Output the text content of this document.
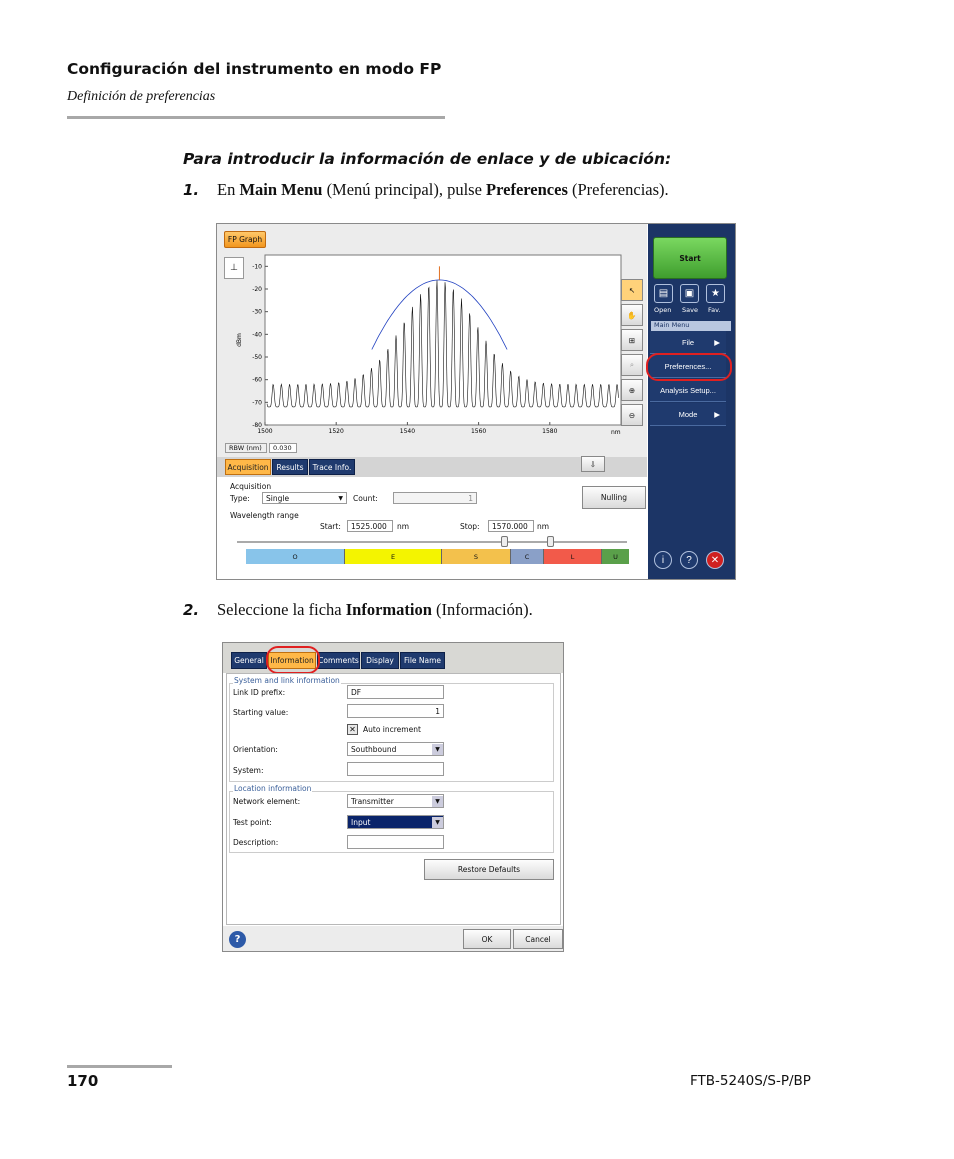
Configuración del instrumento en modo FP
Definición de preferencias
Para introducir la información de enlace y de ubicación:
1. En Main Menu (Menú principal), pulse Preferences (Preferencias).
FP Graph
⊥	-10
-20
-30
-40
-50
-60
-70
-80
1500	1520	1540	1560	1580	nm
dBm
RBW (nm)	0.030
↖
✋
⊞
⌕
⊕
⊖
Acquisition	Results	Trace Info.	⇩
Acquisition
Type: Single	▼ Count:	1	Nulling
Wavelength range
Start:	1525.000	nm	Stop:	1570.000	nm
O	E	S	C	L	U
Start
▤	▣	★
Open Save Fav.
Main Menu
File	▶
Preferences...
Analysis Setup...
Mode ▶
i	?	✕
2. Seleccione la ficha Information (Información).
General Information Comments Display	File Name
System and link information
Link ID prefix:	DF
Starting value:	1
✕ Auto increment
Orientation:	Southbound	▼
System:
Location information
Network element:	Transmitter	▼
Test point:	Input	▼
Description:
Restore Defaults
?	OK	Cancel
170	FTB-5240S/S-P/BP
